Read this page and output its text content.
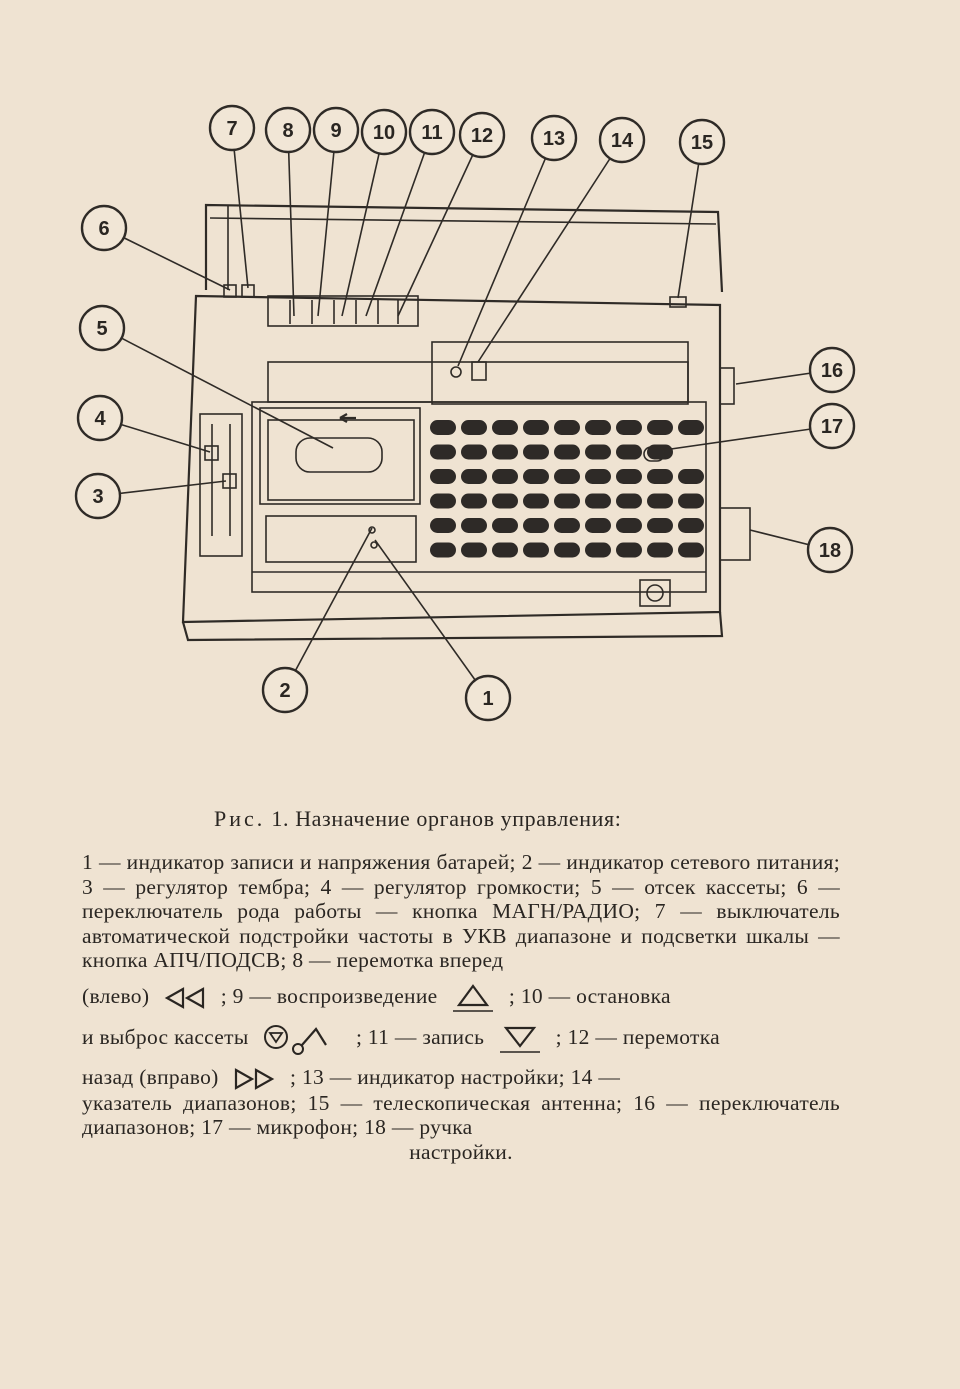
1
2
3
4
5
6
7 8 9 10 11 12 13 14	15
16
17
18
Рис. 1. Назначение органов управления:

1 — индикатор записи и напряжения батарей; 2 — индикатор сетевого питания; 3 — регулятор тембра; 4 — регулятор громкости; 5 — отсек кассеты; 6 — переключатель рода работы — кнопка МАГН/РАДИО; 7 — выключатель автоматической подстройки частоты в УКВ диапазоне и подсветки шкалы — кнопка АПЧ/ПОДСВ; 8 — перемотка вперед

(влево)	; 9 — воспроизведение	; 10 — остановка

и выброс кассеты	; 11 — запись	; 12 — перемотка

назад (вправо)	; 13 — индикатор настройки; 14 —

указатель диапазонов; 15 — телескопическая антенна; 16 — переключатель диапазонов; 17 — микрофон; 18 — ручка

настройки.
